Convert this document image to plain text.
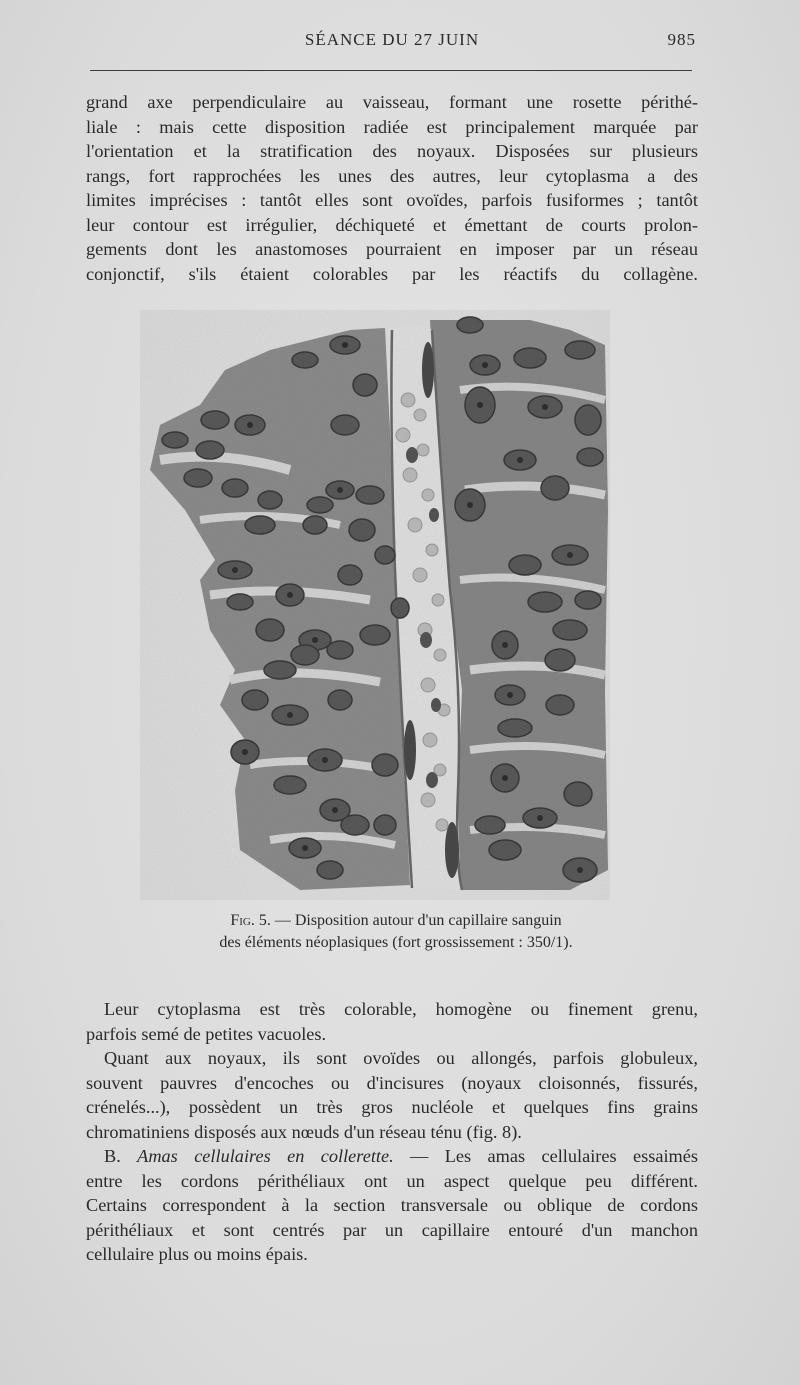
SÉANCE DU 27 JUIN	985
grand axe perpendiculaire au vaisseau, formant une rosette périthé-
liale : mais cette disposition radiée est principalement marquée par
l'orientation et la stratification des noyaux. Disposées sur plusieurs
rangs, fort rapprochées les unes des autres, leur cytoplasma a des
limites imprécises : tantôt elles sont ovoïdes, parfois fusiformes ; tantôt
leur contour est irrégulier, déchiqueté et émettant de courts prolon-
gements dont les anastomoses pourraient en imposer par un réseau
conjonctif, s'ils étaient colorables par les réactifs du collagène.
Fig. 5. — Disposition autour d'un capillaire sanguin
des éléments néoplasiques (fort grossissement : 350/1).
Leur cytoplasma est très colorable, homogène ou finement grenu,
parfois semé de petites vacuoles.
Quant aux noyaux, ils sont ovoïdes ou allongés, parfois globuleux,
souvent pauvres d'encoches ou d'incisures (noyaux cloisonnés, fissurés,
crénelés...), possèdent un très gros nucléole et quelques fins grains
chromatiniens disposés aux nœuds d'un réseau ténu (fig. 8).
B. Amas cellulaires en collerette. — Les amas cellulaires essaimés
entre les cordons périthéliaux ont un aspect quelque peu différent.
Certains correspondent à la section transversale ou oblique de cordons
périthéliaux et sont centrés par un capillaire entouré d'un manchon
cellulaire plus ou moins épais.
